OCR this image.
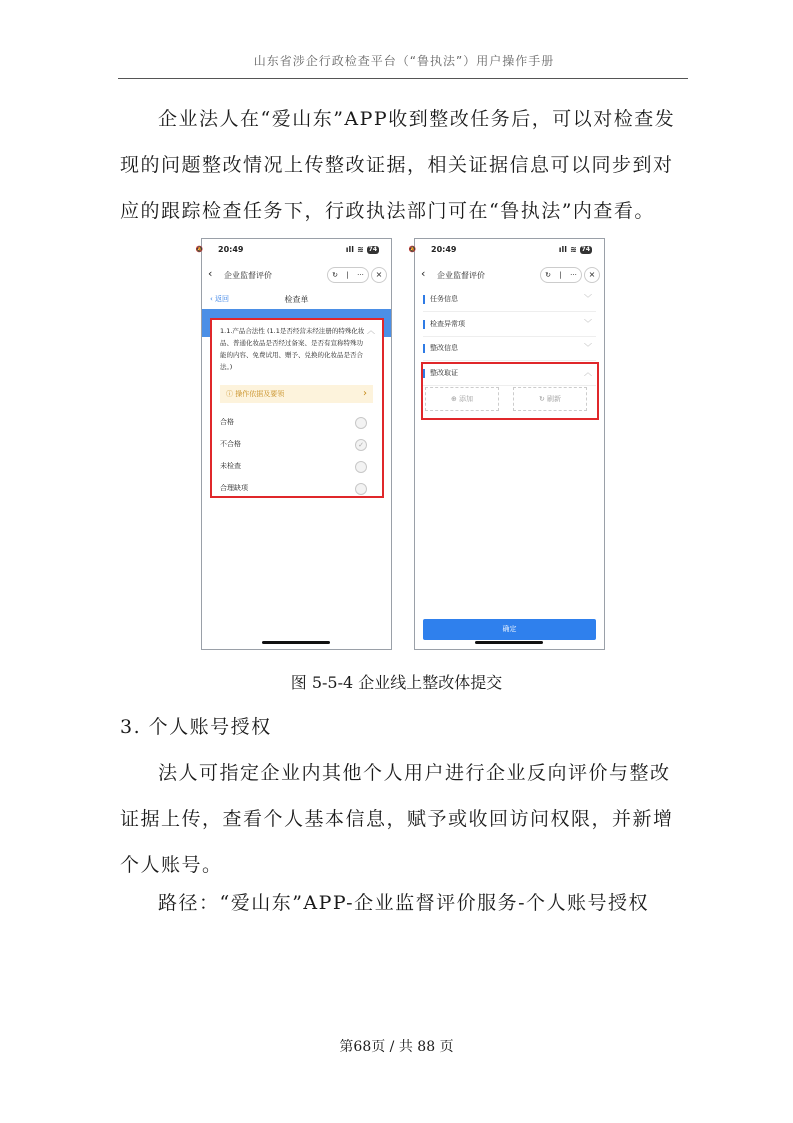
山东省涉企行政检查平台（“鲁执法”）用户操作手册

企业法人在“爱山东”APP收到整改任务后，可以对检查发现的问题整改情况上传整改证据，相关证据信息可以同步到对应的跟踪检查任务下，行政执法部门可在“鲁执法”内查看。

20:49
🔕	ıll ≋ 74
‹ 企业监督评价	↻ | ···	×
检查单
‹ 返回
1.1.产品合法性 (1.1是否经营未经注册的特殊化妆品、普通化妆品是否经过备案、是否有宣称特殊功能的内容、免费试用、赠予、兑换的化妆品是否合法。)
︿
ⓘ 操作依据及要领	›
合格
不合格	✓
未检查
合理缺项
20:49
🔕	ıll ≋ 74
‹ 企业监督评价	↻ | ···	×
任务信息	﹀
检查异常项	﹀
整改信息	﹀
整改取证	︿
⊕ 添加	↻ 刷新
确定
图 5-5-4 企业线上整改体提交

3. 个人账号授权

法人可指定企业内其他个人用户进行企业反向评价与整改证据上传，查看个人基本信息，赋予或收回访问权限，并新增个人账号。

路径：“爱山东”APP-企业监督评价服务-个人账号授权

第68页 / 共 88 页
